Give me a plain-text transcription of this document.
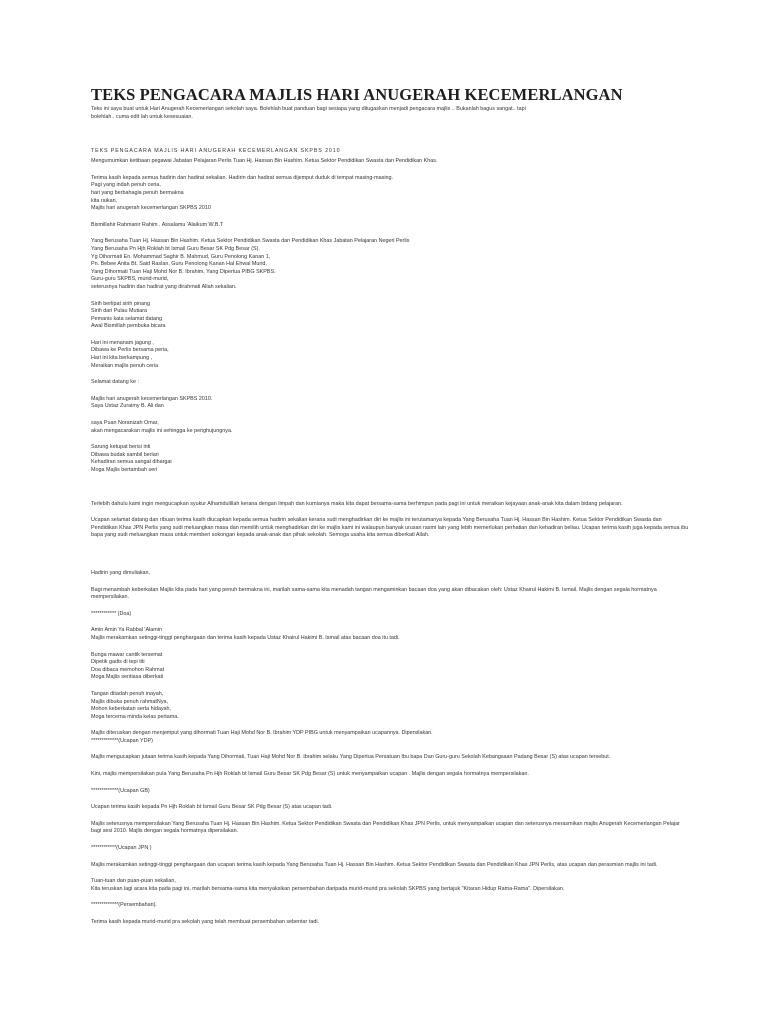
TEKS PENGACARA MAJLIS HARI ANUGERAH KECEMERLANGAN
Teks ini saya buat untuk Hari Anugerah Kecemerlangan sekolah saya. Bolehlah buat panduan bagi sesiapa yang ditugaskan menjadi pengacara majlis .. Bukanlah bagus sangat.. tapi
bolehlah.. cuma edit lah untuk kesesuaian.
TEKS PENGACARA MAJLIS HARI ANUGERAH KECEMERLANGAN SKPBS 2010
Mengumumkan ketibaan pegawai Jabatan Pelajaran Perlis Tuan Hj. Hassan Bin Hashim. Ketua Sektor Pendidikan Swasta dan Pendidikan Khas.
Terima kasih kepada semua hadirin dan hadirat sekalian. Hadirin dan hadirat semua dijemput duduk di tempat masing-masing.
Pagi yang indah penuh ceria,
hari yang berbahagia penuh bermakna
kita raikan,
Majlis hari anugerah kecemerlangan SKPBS 2010
Bismillahir Rahmanir Rahim . Assalamu 'Alaikum W.B.T
Yang Berusaha Tuan Hj. Hassan Bin Hashim. Ketua Sektor Pendidikan Swasta dan Pendidikan Khas Jabatan Pelajaran Negeri Perlis
Yang Berusaha Pn Hjh Roklah bt Ismail Guru Besar SK Pdg Besar (S).
Yg Dihormati En. Mohammad Saghir B. Mahmud, Guru Penolong Kanan 1,
Pn. Bebee Anita Bt. Said Raslan, Guru Penolong Kanan Hal Ehwal Murid,
Yang Dihormati Tuan Haji Mohd Nor B. Ibrahim, Yang Dipertua PIBG SKPBS.
Guru-guru SKPBS, murid-murid,
seterusnya hadirin dan hadirat yang dirahmati Allah sekalian.
Sirih berlipat sirih pinang
Sirih dari Pulau Mutiara
Pemanis kata selamat datang
Awal Bismillah pembuka bicara
Hari ini menanam jagung ,
Dibawa ke Perlis bersama peria,
Hari ini kita berkampung ,
Meraikan majlis penuh ceria
Selamat datang ke :
Majlis hari anugerah kecemerlangan SKPBS 2010.
Saya Ustaz Zuraimy B. Ali dan
saya Puan Noranizah Omar,
akan mengacarakan majlis ini sehingga ke penghujungnya.
Sarung ketupat berisi inti
Dibawa budak sambil berlari
Kehadiran semua sangat dihargai
Moga Majlis bertambah seri
Terlebih dahulu kami ingin mengucapkan syukur Alhamdulillah kerana dengan limpah dan kurnianya maka kita dapat bersama-sama berhimpun pada pagi ini untuk meraikan kejayaan anak-anak kita dalam bidang pelajaran.
Ucapan selamat datang dan ribuan terima kasih diucapkan kepada semua hadirin sekalian kerana sudi menghadirkan diri ke majlis ini terutamanya kepada Yang Berusaha Tuan Hj. Hassan Bin Hashim. Ketua Sektor Pendidikan Swasta dan Pendidikan Khas JPN Perlis yang sudi meluangkan masa dan memilih untuk menghadirkan diri ke majlis kami ini walaupun banyak urusan rasmi lain yang lebih memerlukan perhatian dan kehadiran beliau. Ucapan terima kasih juga kepada semua ibu bapa yang sudi meluangkan masa untuk memberi sokongan kepada anak-anak dan pihak sekolah. Semoga usaha kita semua diberkati Allah.
Hadirin yang dimuliakan,
Bagi menambah keberkatan Majlis kita pada hari yang penuh bermakna ini, marilah sama-sama kita menadah tangan mengaminkan bacaan doa yang akan dibacakan oleh: Ustaz Khairul Hakimi B. Ismail. Majlis dengan segala hormatnya mempersilakan.
************ (Doa)
Amin Amin Ya Rabbal 'Alamin
Majlis merakamkan setinggi-tinggi penghargaan dan terima kasih kepada Ustaz Khairul Hakimi B. Ismail atas bacaan doa itu tadi.
Bunga mawar cantik tersemat
Dipetik gadis di tepi titi
Doa dibaca memohon Rahmat
Moga Majlis sentiasa diberkati
Tangan ditadah penuh inayah,
Majlis dibuka penuh rahmatNya,
Mohon keberkatan serta hidayah,
Moga tercerna minda kelas pertama.
Majlis diteruskan dengan menjemput yang dihormati Tuan Haji Mohd Nor B. Ibrahim YDP PIBG untuk menyampaikan ucapannya. Dipersilakan.
*************(Ucapan YDP)
Majlis mengucapkan jutaan terima kasih kepada Yang Dihormati, Tuan Haji Mohd Nor B. Ibrahim selaku Yang Dipertua Persatuan Ibu bapa Dan Guru-guru Sekolah Kebangsaan Padang Besar (S) atas ucapan tersebut.
Kini, majlis mempersilakan pula Yang Berusaha Pn Hjh Roklah bt Ismail Guru Besar SK Pdg Besar (S) untuk menyampaikan ucapan . Majlis dengan segala hormatnya mempersilakan.
*************(Ucapan GB)
Ucapan terima kasih kepada Pn Hjh Roklah bt Ismail Guru Besar SK Pdg Besar (S) atas ucapan tadi.
Majlis seterusnya mempersilakan Yang Berusaha Tuan Hj. Hassan Bin Hashim. Ketua Sektor Pendidikan Swasta dan Pendidikan Khas JPN Perlis, untuk menyampaikan ucapan dan seterusnya merasmikan majlis Anugerah Kecemerlangan Pelajar bagi sesi 2010. Majlis dengan segala hormatnya dipersilakan.
************(Ucapan JPN )
Majlis merakamkan setinggi-tinggi penghargaan dan ucapan terima kasih kepada Yang Berusaha Tuan Hj. Hassan Bin Hashim. Ketua Sektor Pendidikan Swasta dan Pendidikan Khas JPN Perlis, atas ucapan dan perasmian majlis ini tadi.
Tuan-tuan dan puan-puan sekalian,
Kita teruskan lagi acara kita pada pagi ini, marilah bersama-sama kita menyaksikan persembahan daripada murid-murid pra sekolah SKPBS yang bertajuk "Kitaran Hidup Rama-Rama". Dipersilakan.
*************(Persembahan).
Terima kasih kepada murid-murid pra sekolah yang telah membuat persembahan sebentar tadi.
